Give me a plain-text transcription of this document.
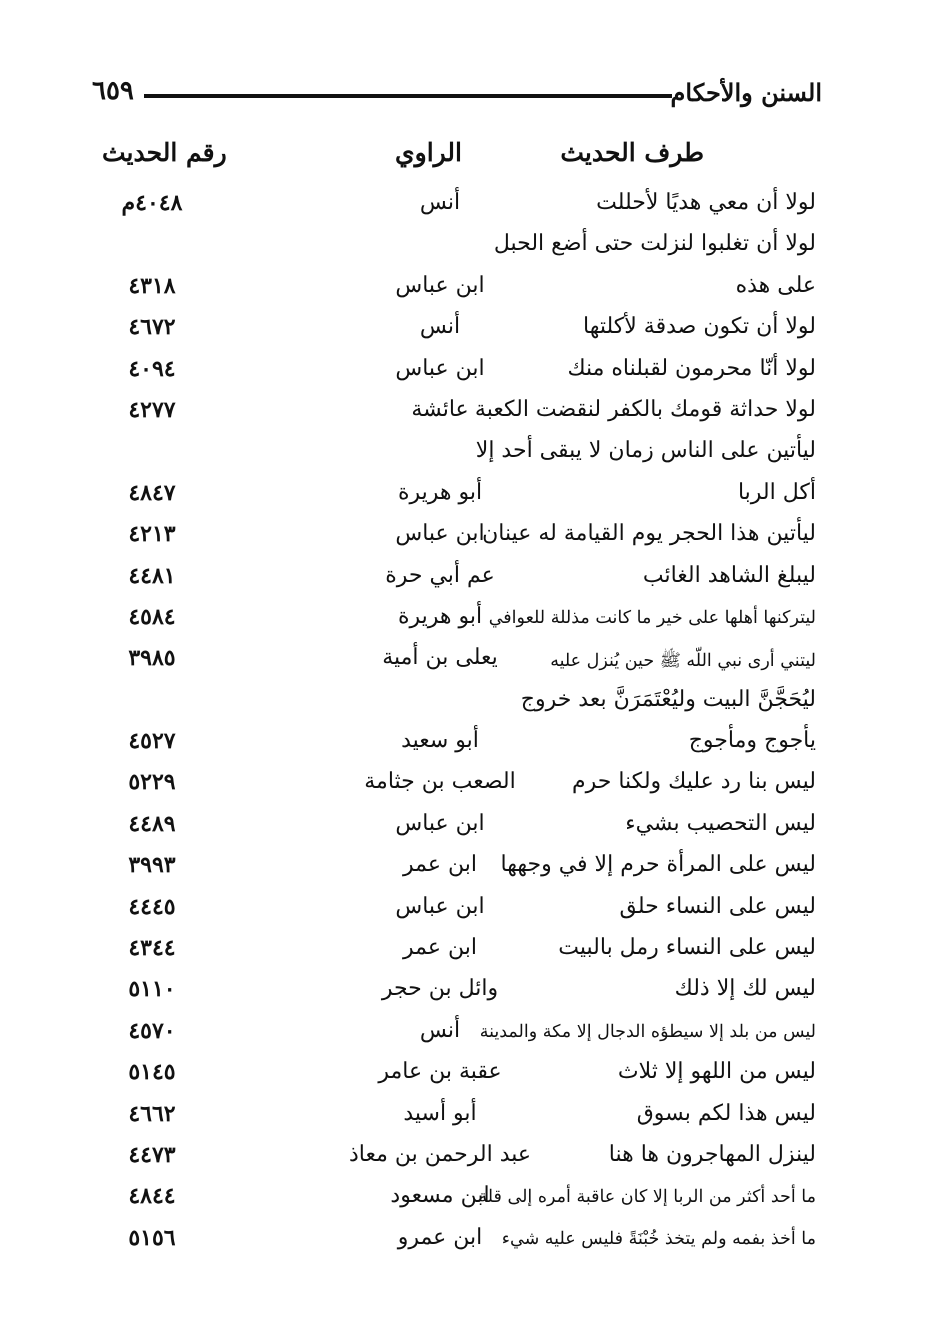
السنن والأحكام
٦٥٩
طرف الحديث
الراوي
رقم الحديث
لولا أن معي هديًا لأحللت
أنس
٤٠٤٨م
لولا أن تغلبوا لنزلت حتى أضع الحبل
على هذه
ابن عباس
٤٣١٨
لولا أن تكون صدقة لأكلتها
أنس
٤٦٧٢
لولا أنّا محرمون لقبلناه منك
ابن عباس
٤٠٩٤
لولا حداثة قومك بالكفر لنقضت الكعبة
عائشة
٤٢٧٧
ليأتين على الناس زمان لا يبقى أحد إلا
أكل الربا
أبو هريرة
٤٨٤٧
ليأتين هذا الحجر يوم القيامة له عينان
ابن عباس
٤٢١٣
ليبلغ الشاهد الغائب
عم أبي حرة
٤٤٨١
ليتركنها أهلها على خير ما كانت مذللة للعوافي
أبو هريرة
٤٥٨٤
ليتني أرى نبي اللّه ﷺ حين يُنزل عليه
يعلى بن أمية
٣٩٨٥
ليُحَجَّنَّ البيت وليُعْتَمَرَنَّ بعد خروج
يأجوج ومأجوج
أبو سعيد
٤٥٢٧
ليس بنا رد عليك ولكنا حرم
الصعب بن جثامة
٥٢٢٩
ليس التحصيب بشيء
ابن عباس
٤٤٨٩
ليس على المرأة حرم إلا في وجهها
ابن عمر
٣٩٩٣
ليس على النساء حلق
ابن عباس
٤٤٤٥
ليس على النساء رمل بالبيت
ابن عمر
٤٣٤٤
ليس لك إلا ذلك
وائل بن حجر
٥١١٠
ليس من بلد إلا سيطؤه الدجال إلا مكة والمدينة
أنس
٤٥٧٠
ليس من اللهو إلا ثلاث
عقبة بن عامر
٥١٤٥
ليس هذا لكم بسوق
أبو أسيد
٤٦٦٢
لينزل المهاجرون ها هنا
عبد الرحمن بن معاذ
٤٤٧٣
ما أحد أكثر من الربا إلا كان عاقبة أمره إلى قلة
ابن مسعود
٤٨٤٤
ما أخذ بفمه ولم يتخذ خُبْنَةً فليس عليه شيء
ابن عمرو
٥١٥٦
